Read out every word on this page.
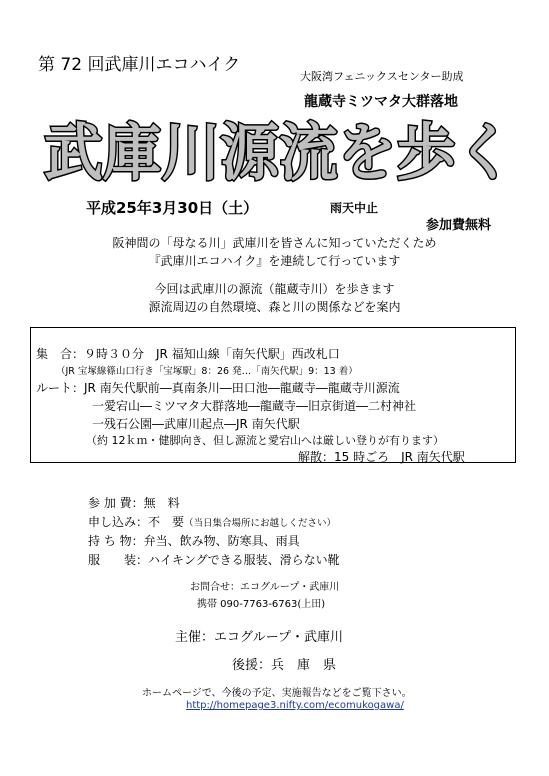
第 72 回武庫川エコハイク
大阪湾フェニックスセンター助成
龍蔵寺ミツマタ大群落地
武庫川源流を歩く
平成25年3月30日（土）	雨天中止
参加費無料
阪神間の「母なる川」武庫川を皆さんに知っていただくため
『武庫川エコハイク』を連続して行っています
今回は武庫川の源流（龍蔵寺川）を歩きます
源流周辺の自然環境、森と川の関係などを案内
集　合：９時３０分　JR 福知山線「南矢代駅」西改札口
（JR 宝塚線篠山口行き「宝塚駅」8：26 発…「南矢代駅」9：13 着）
ルート：JR 南矢代駅前―真南条川―田口池―龍蔵寺―龍蔵寺川源流
一愛宕山―ミツマタ大群落地―龍蔵寺―旧京街道―二村神社
一残石公園―武庫川起点―JR 南矢代駅
（約 12ｋｍ・健脚向き、但し源流と愛宕山へは厳しい登りが有ります）
解散：15 時ごろ　JR 南矢代駅
参 加 費：無　料
申し込み：不　要（当日集合場所にお越しください）
持 ち 物：弁当、飲み物、防寒具、雨具
服　　装：ハイキングできる服装、滑らない靴
お問合せ：エコグループ・武庫川
携帯 090-7763-6763(上田)
主催：エコグループ・武庫川
後援：兵　庫　県
ホームページで、今後の予定、実施報告などをご覧下さい。
http://homepage3.nifty.com/ecomukogawa/
